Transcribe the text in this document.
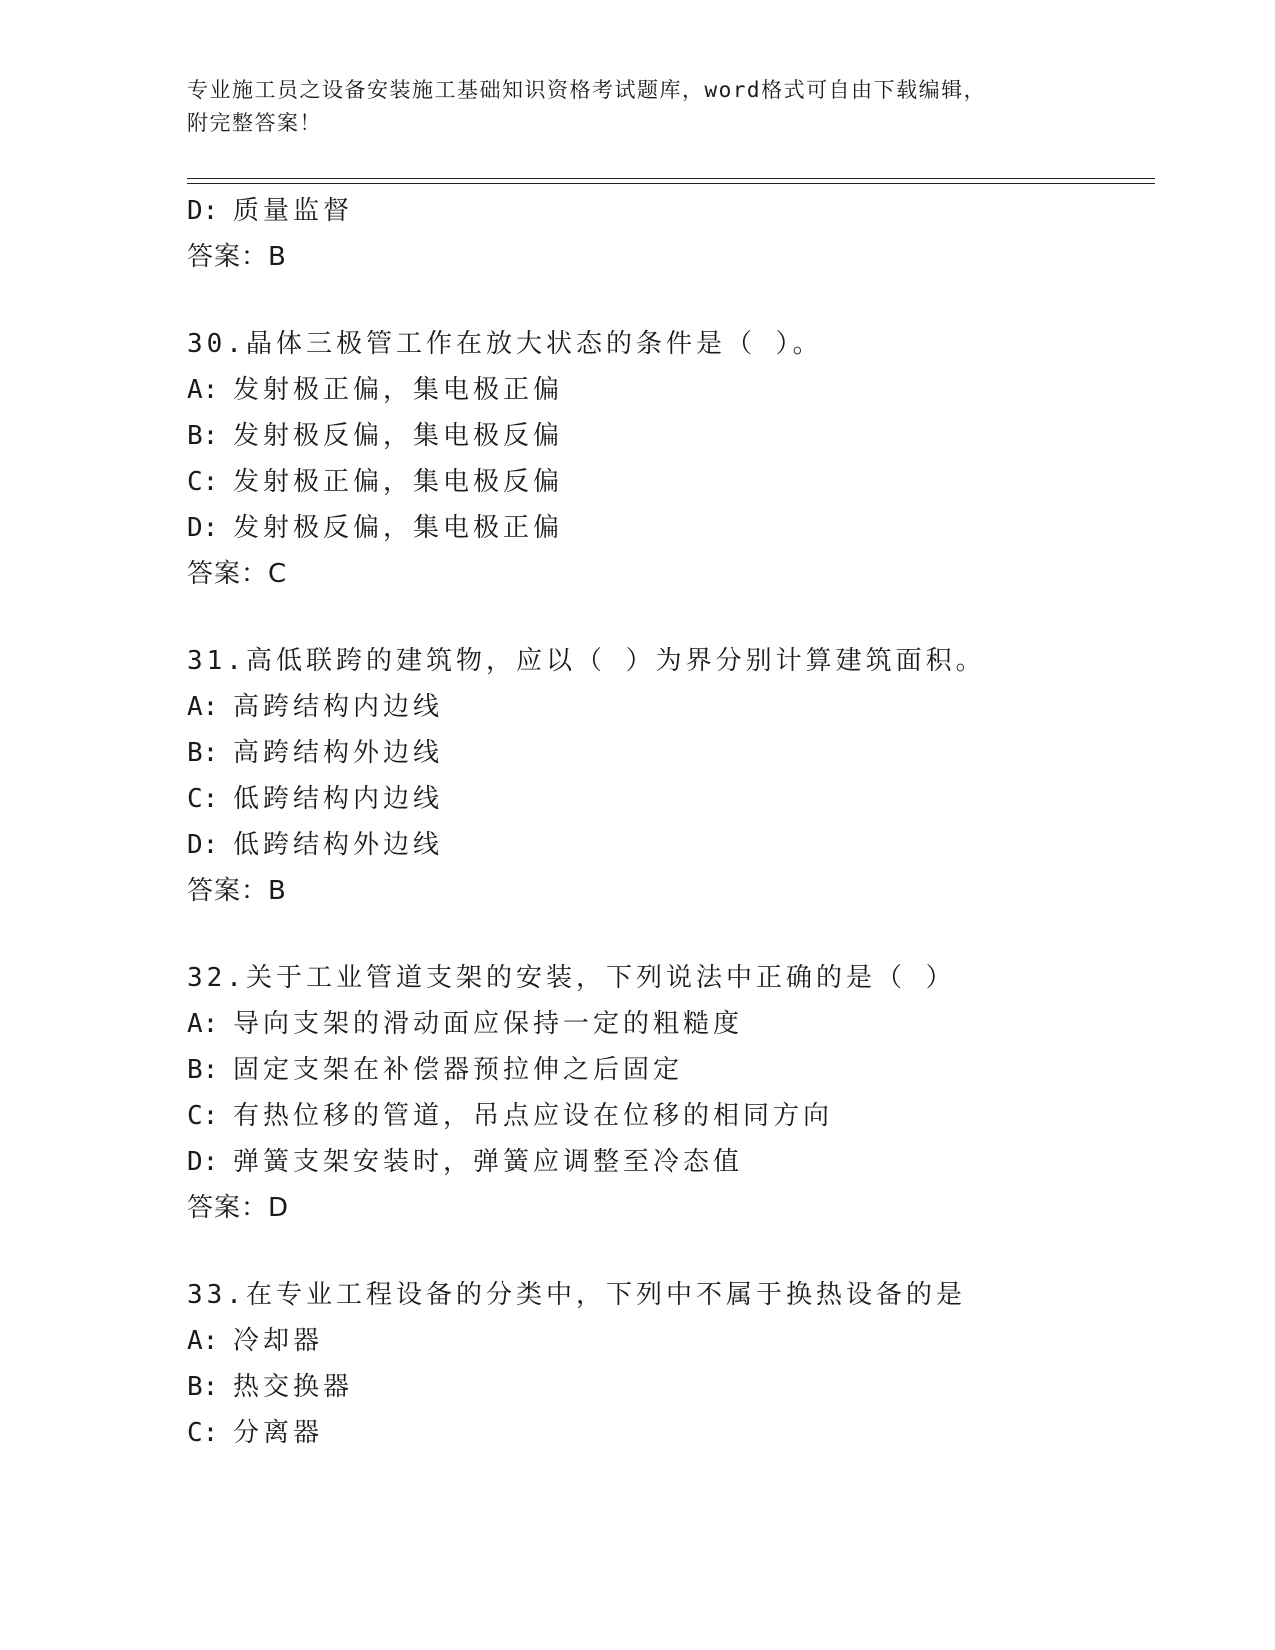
专业施工员之设备安装施工基础知识资格考试题库，word格式可自由下载编辑，
附完整答案！
D: 质量监督
答案：B
30.晶体三极管工作在放大状态的条件是（ ）。
A: 发射极正偏，集电极正偏
B: 发射极反偏，集电极反偏
C: 发射极正偏，集电极反偏
D: 发射极反偏，集电极正偏
答案：C
31.高低联跨的建筑物，应以（ ）为界分别计算建筑面积。
A: 高跨结构内边线
B: 高跨结构外边线
C: 低跨结构内边线
D: 低跨结构外边线
答案：B
32.关于工业管道支架的安装，下列说法中正确的是（ ）
A: 导向支架的滑动面应保持一定的粗糙度
B: 固定支架在补偿器预拉伸之后固定
C: 有热位移的管道，吊点应设在位移的相同方向
D: 弹簧支架安装时，弹簧应调整至冷态值
答案：D
33.在专业工程设备的分类中，下列中不属于换热设备的是
A: 冷却器
B: 热交换器
C: 分离器
